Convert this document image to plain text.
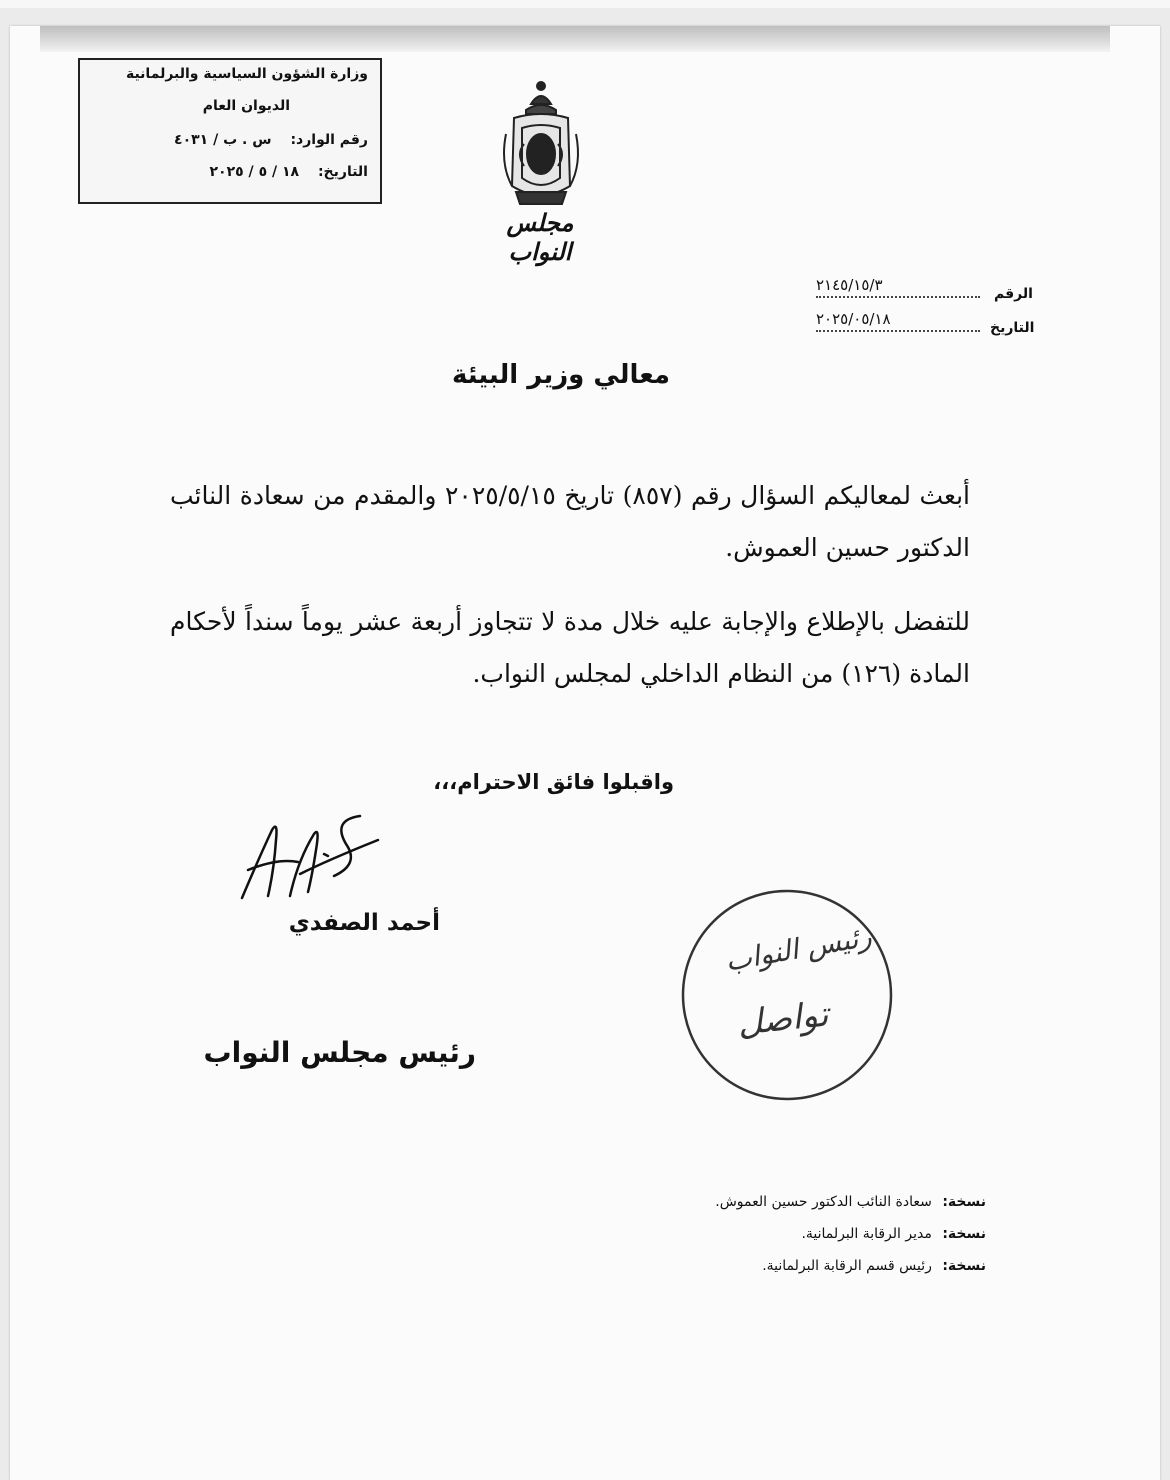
وزارة الشؤون السياسية والبرلمانية
الديوان العام
رقم الوارد: س . ب / ٤٠٣١
التاريخ: ١٨ / ٥ / ٢٠٢٥
مجلس النواب
الرقم
٢١٤٥/١٥/٣
التاريخ
٢٠٢٥/٠٥/١٨
معالي وزير البيئة
أبعث لمعاليكم السؤال رقم (٨٥٧) تاريخ ٢٠٢٥/٥/١٥ والمقدم من سعادة النائب الدكتور حسين العموش.
للتفضل بالإطلاع والإجابة عليه خلال مدة لا تتجاوز أربعة عشر يوماً سنداً لأحكام المادة (١٢٦) من النظام الداخلي لمجلس النواب.
واقبلوا فائق الاحترام،،،
أحمد الصفدي
رئيس مجلس النواب
رئيس النواب
تواصل
نسخة: سعادة النائب الدكتور حسين العموش.
نسخة: مدير الرقابة البرلمانية.
نسخة: رئيس قسم الرقابة البرلمانية.
